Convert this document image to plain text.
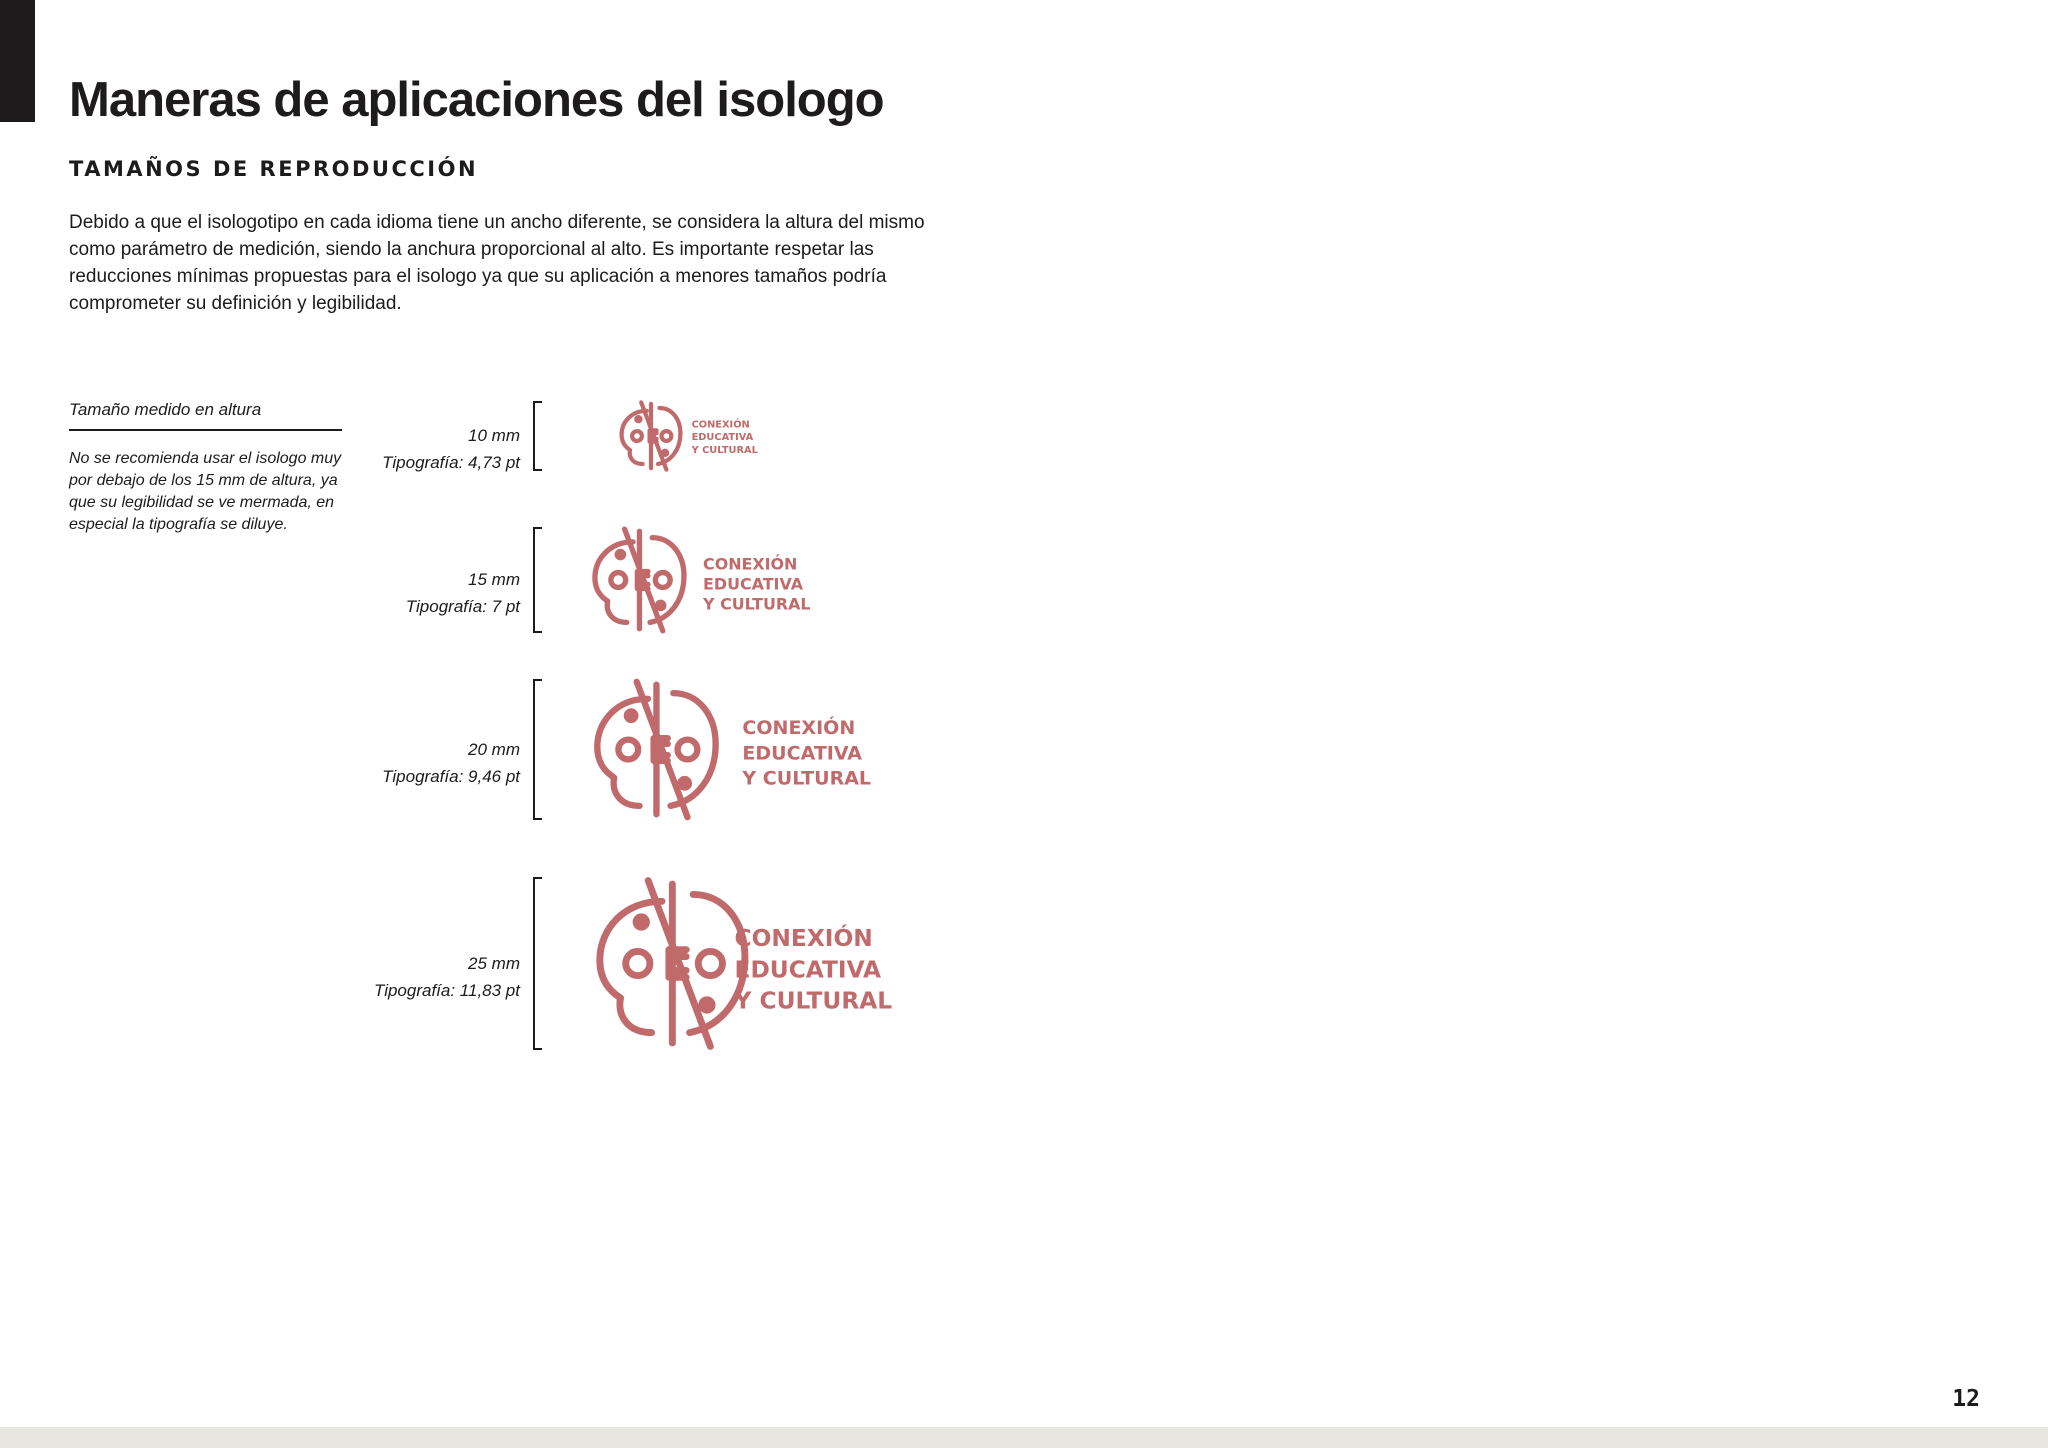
Maneras de aplicaciones del isologo
TAMAÑOS DE REPRODUCCIÓN

Debido a que el isologotipo en cada idioma tiene un ancho diferente, se considera la altura del mismo como parámetro de medición, siendo la anchura proporcional al alto. Es importante respetar las reducciones mínimas propuestas para el isologo ya que su aplicación a menores tamaños podría comprometer su definición y legibilidad.

Tamaño medido en altura

No se recomienda usar el isologo muy por debajo de los 15 mm de altura, ya que su legibilidad se ve mermada, en especial la tipografía se diluye.

10 mm
Tipografía: 4,73 pt
CONEXIÓN
EDUCATIVA
Y CULTURAL
15 mm
Tipografía: 7 pt
CONEXIÓN
EDUCATIVA
Y CULTURAL
20 mm
Tipografía: 9,46 pt
CONEXIÓN
EDUCATIVA
Y CULTURAL
25 mm
Tipografía: 11,83 pt
CONEXIÓN
EDUCATIVA
Y CULTURAL
12
